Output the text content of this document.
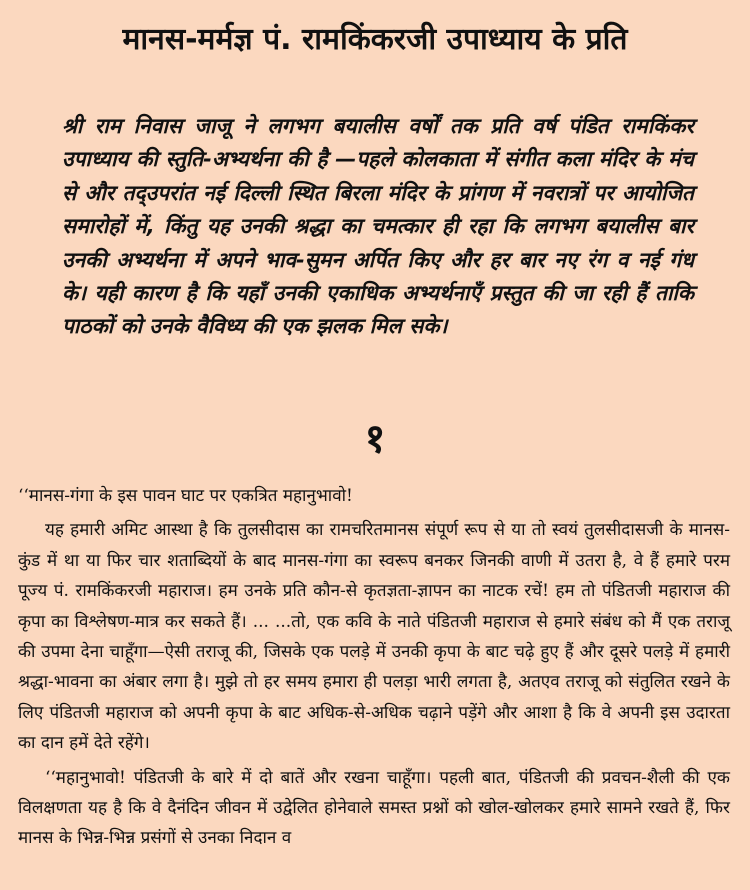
मानस-मर्मज्ञ पं. रामकिंकरजी उपाध्याय के प्रति
श्री राम निवास जाजू ने लगभग बयालीस वर्षों तक प्रति वर्ष पंडित रामकिंकर उपाध्याय की स्तुति-अभ्यर्थना की है —पहले कोलकाता में संगीत कला मंदिर के मंच से और तद्उपरांत नई दिल्ली स्थित बिरला मंदिर के प्रांगण में नवरात्रों पर आयोजित समारोहों में, किंतु यह उनकी श्रद्धा का चमत्कार ही रहा कि लगभग बयालीस बार उनकी अभ्यर्थना में अपने भाव-सुमन अर्पित किए और हर बार नए रंग व नई गंध के। यही कारण है कि यहाँ उनकी एकाधिक अभ्यर्थनाएँ प्रस्तुत की जा रही हैं ताकि पाठकों को उनके वैविध्य की एक झलक मिल सके।
१

‘‘मानस-गंगा के इस पावन घाट पर एकत्रित महानुभावो!

यह हमारी अमिट आस्था है कि तुलसीदास का रामचरितमानस संपूर्ण रूप से या तो स्वयं तुलसीदासजी के मानस-कुंड में था या फिर चार शताब्दियों के बाद मानस-गंगा का स्वरूप बनकर जिनकी वाणी में उतरा है, वे हैं हमारे परम पूज्य पं. रामकिंकरजी महाराज। हम उनके प्रति कौन-से कृतज्ञता-ज्ञापन का नाटक रचें! हम तो पंडितजी महाराज की कृपा का विश्लेषण-मात्र कर सकते हैं। ... ...तो, एक कवि के नाते पंडितजी महाराज से हमारे संबंध को मैं एक तराजू की उपमा देना चाहूँगा—ऐसी तराजू की, जिसके एक पलड़े में उनकी कृपा के बाट चढ़े हुए हैं और दूसरे पलड़े में हमारी श्रद्धा-भावना का अंबार लगा है। मुझे तो हर समय हमारा ही पलड़ा भारी लगता है, अतएव तराजू को संतुलित रखने के लिए पंडितजी महाराज को अपनी कृपा के बाट अधिक-से-अधिक चढ़ाने पड़ेंगे और आशा है कि वे अपनी इस उदारता का दान हमें देते रहेंगे।

‘‘महानुभावो! पंडितजी के बारे में दो बातें और रखना चाहूँगा। पहली बात, पंडितजी की प्रवचन-शैली की एक विलक्षणता यह है कि वे दैनंदिन जीवन में उद्वेलित होनेवाले समस्त प्रश्नों को खोल-खोलकर हमारे सामने रखते हैं, फिर मानस के भिन्न-भिन्न प्रसंगों से उनका निदान व
